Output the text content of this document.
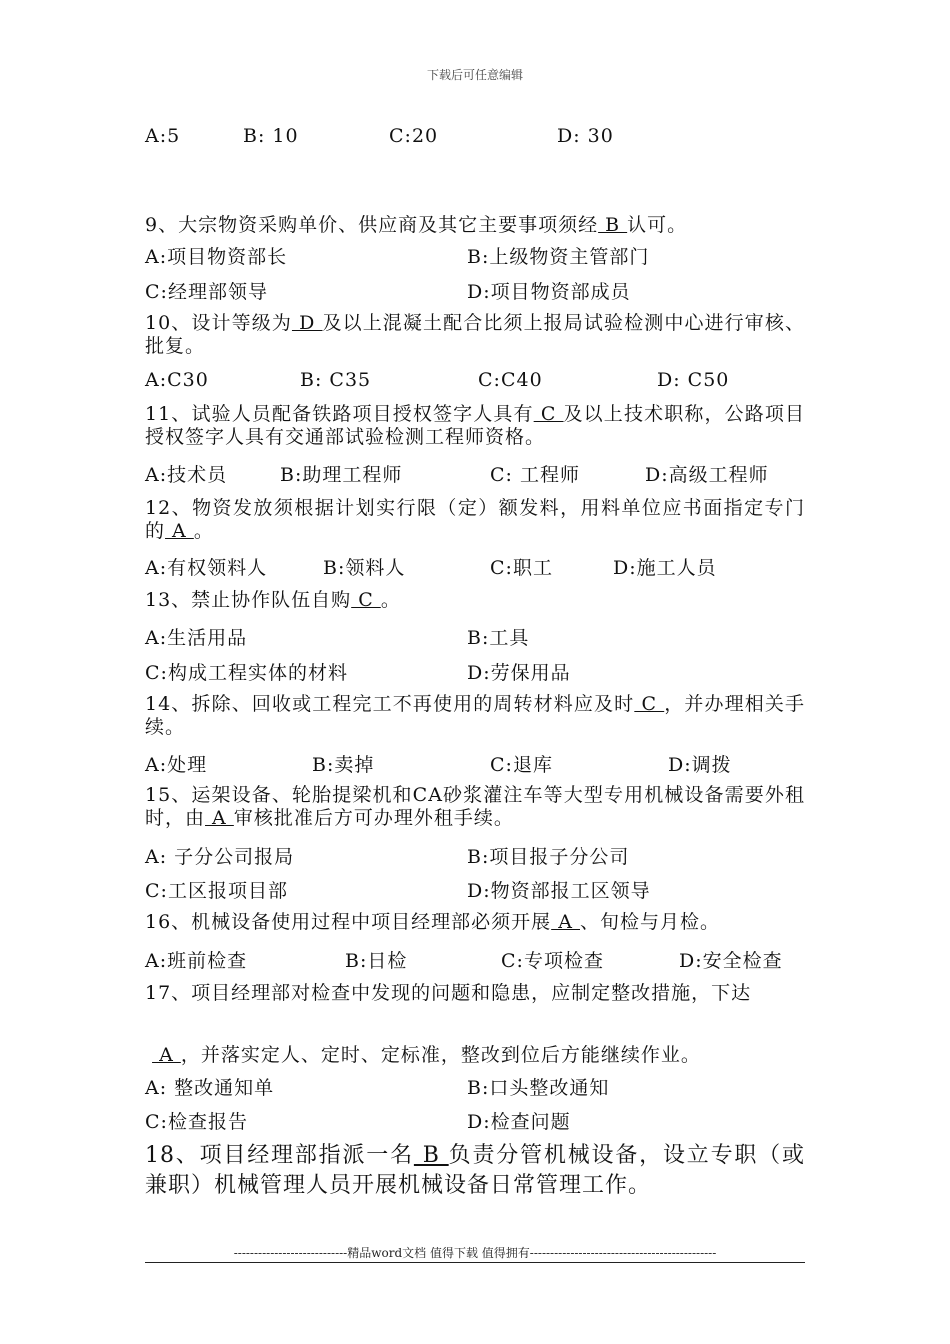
下载后可任意编辑
A:5	B: 10	C:20	D: 30
9、大宗物资采购单价、供应商及其它主要事项须经 B 认可。
A:项目物资部长	B:上级物资主管部门
C:经理部领导	D:项目物资部成员
10、设计等级为 D 及以上混凝土配合比须上报局试验检测中心进行审核、批复。
A:C30	B: C35	C:C40	D: C50
11、试验人员配备铁路项目授权签字人具有 C 及以上技术职称，公路项目授权签字人具有交通部试验检测工程师资格。
A:技术员	B:助理工程师	C: 工程师	D:高级工程师
12、物资发放须根据计划实行限（定）额发料，用料单位应书面指定专门的 A 。
A:有权领料人	B:领料人	C:职工	D:施工人员
13、禁止协作队伍自购 C 。
A:生活用品	B:工具
C:构成工程实体的材料	D:劳保用品
14、拆除、回收或工程完工不再使用的周转材料应及时 C ，并办理相关手续。
A:处理	B:卖掉	C:退库	D:调拨
15、运架设备、轮胎提梁机和CA砂浆灌注车等大型专用机械设备需要外租时，由 A 审核批准后方可办理外租手续。
A: 子分公司报局	B:项目报子分公司
C:工区报项目部	D:物资部报工区领导
16、机械设备使用过程中项目经理部必须开展 A 、旬检与月检。
A:班前检查	B:日检	C:专项检查	D:安全检查
17、项目经理部对检查中发现的问题和隐患，应制定整改措施，下达
A ，并落实定人、定时、定标准，整改到位后方能继续作业。
A: 整改通知单	B:口头整改通知
C:检查报告	D:检查问题
18、项目经理部指派一名 B 负责分管机械设备，设立专职（或兼职）机械管理人员开展机械设备日常管理工作。
----------------------------精品word文档 值得下载 值得拥有----------------------------------------------
